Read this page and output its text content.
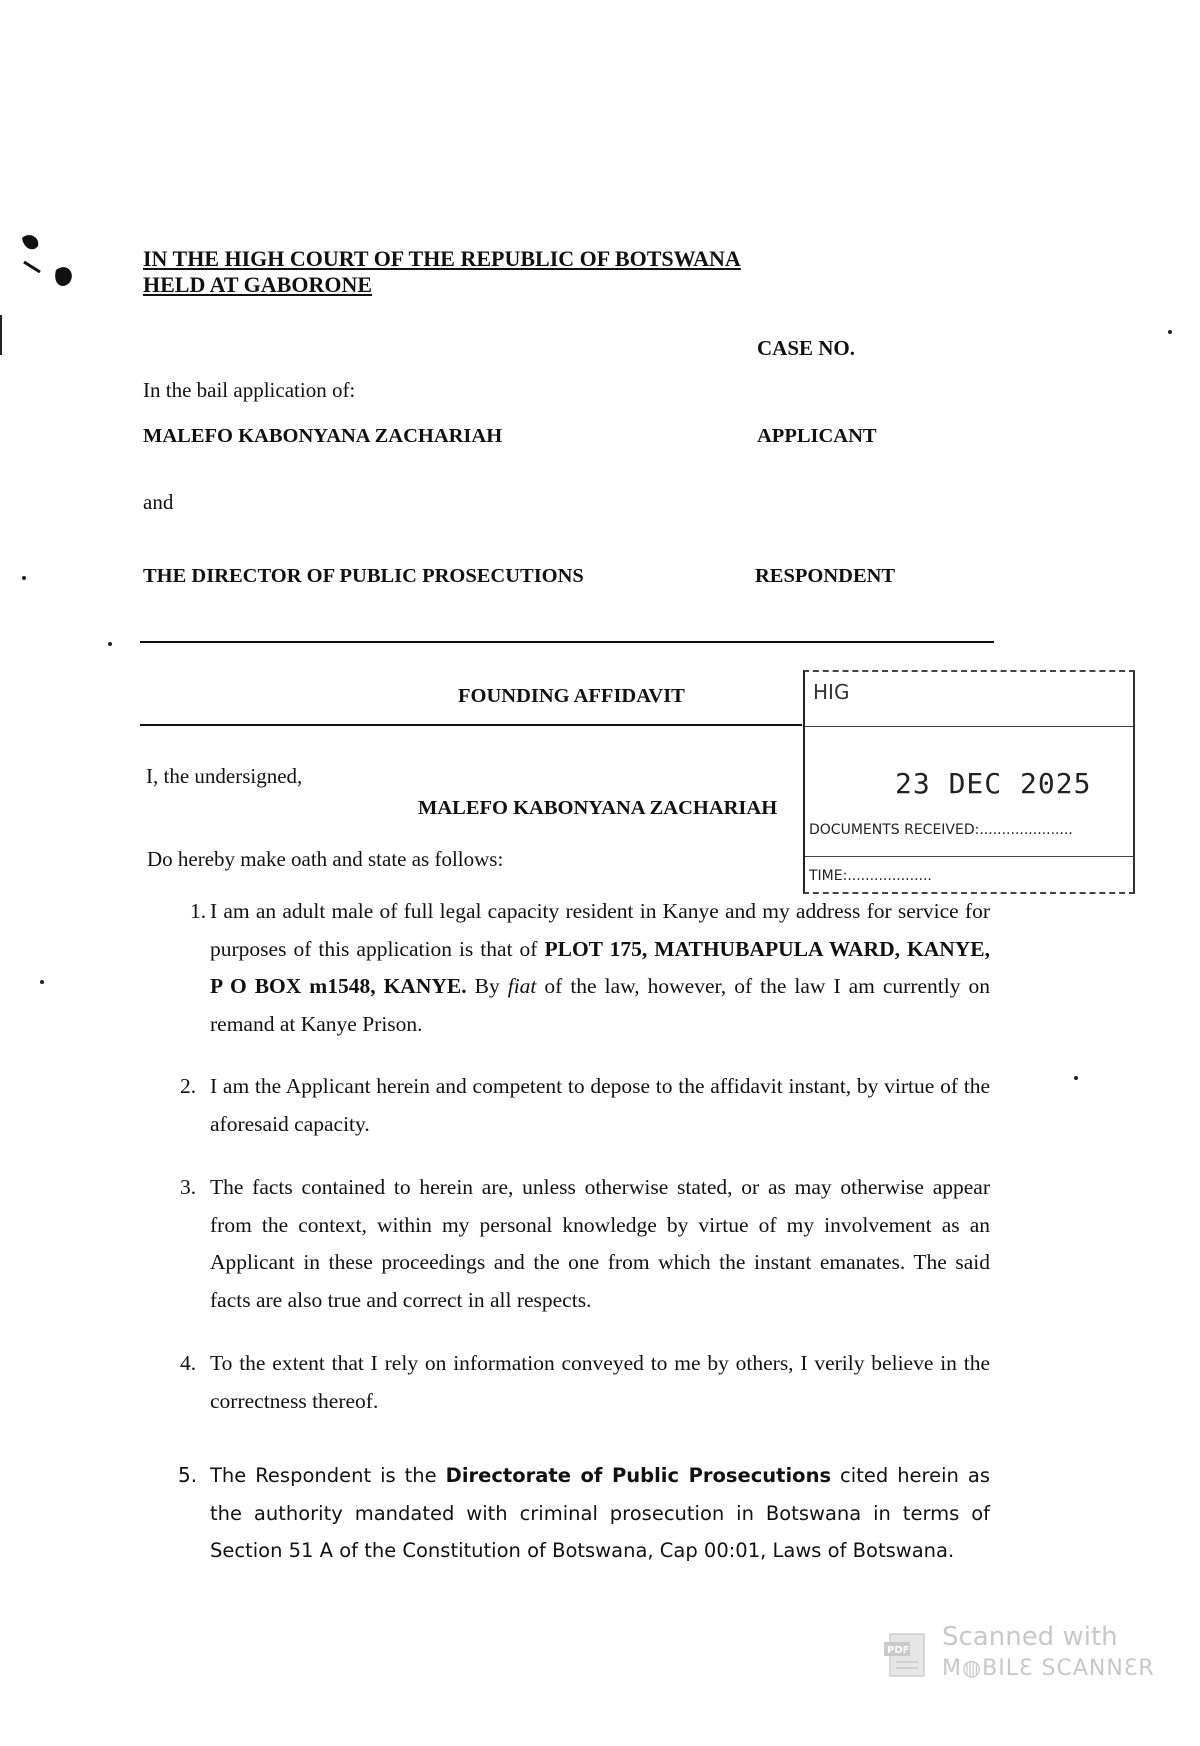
IN THE HIGH COURT OF THE REPUBLIC OF BOTSWANA
HELD AT GABORONE
CASE NO.
In the bail application of:
MALEFO KABONYANA ZACHARIAH	APPLICANT
and
THE DIRECTOR OF PUBLIC PROSECUTIONS	RESPONDENT
FOUNDING AFFIDAVIT	HIG
23 DEC 2025
DOCUMENTS RECEIVED:.....................
TIME:...................
I, the undersigned,
MALEFO KABONYANA ZACHARIAH
Do hereby make oath and state as follows:
1. I am an adult male of full legal capacity resident in Kanye and my address for service for purposes of this application is that of PLOT 175, MATHUBAPULA WARD, KANYE, P O BOX m1548, KANYE. By fiat of the law, however, of the law I am currently on remand at Kanye Prison.
2. I am the Applicant herein and competent to depose to the affidavit instant, by virtue of the aforesaid capacity.
3. The facts contained to herein are, unless otherwise stated, or as may otherwise appear from the context, within my personal knowledge by virtue of my involvement as an Applicant in these proceedings and the one from which the instant emanates. The said facts are also true and correct in all respects.
4. To the extent that I rely on information conveyed to me by others, I verily believe in the correctness thereof.
5. The Respondent is the Directorate of Public Prosecutions cited herein as the authority mandated with criminal prosecution in Botswana in terms of Section 51 A of the Constitution of Botswana, Cap 00:01, Laws of Botswana.
PDF Scanned with
M◍BILƐ SCANNƐR
